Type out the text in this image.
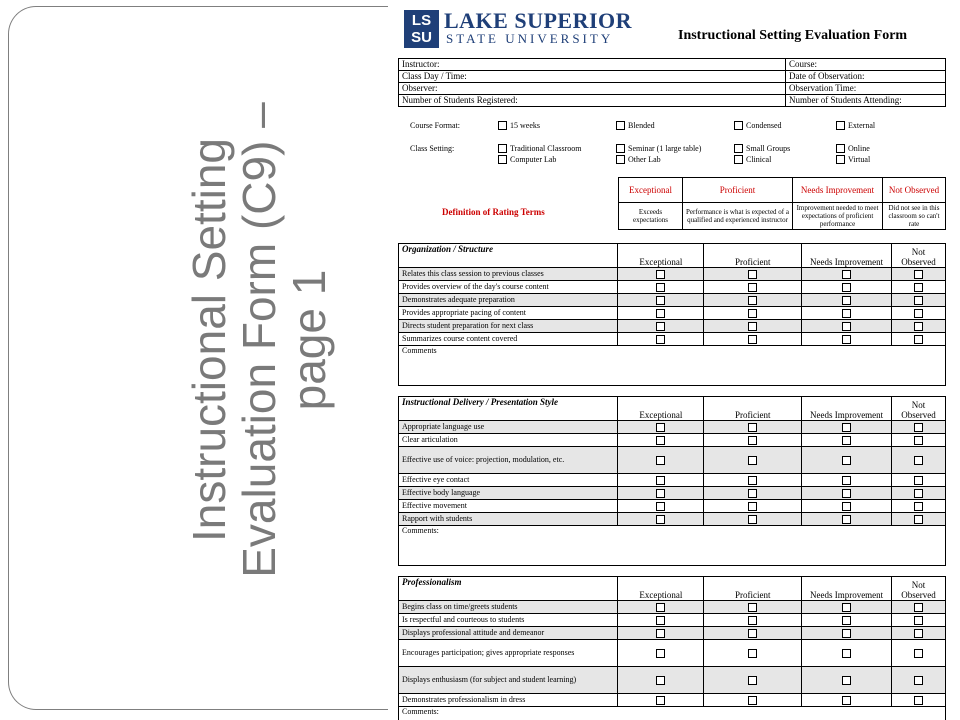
Instructional Setting Evaluation Form (C9) – page 1
LS SU
LAKE SUPERIOR
STATE UNIVERSITY	Instructional Setting Evaluation Form
Instructor:	Course:
Class Day / Time:	Date of Observation:
Observer:	Observation Time:
Number of Students Registered:	Number of Students Attending:
Course Format:	15 weeks	Blended	Condensed	External
Class Setting:	Traditional Classroom	Seminar (1 large table)	Small Groups	Online
Computer Lab	Other Lab	Clinical	Virtual
Definition of Rating Terms
Exceptional	Proficient	Needs Improvement	Not Observed
Exceeds expectations	Performance is what is expected of a qualified and experienced instructor	Improvement needed to meet expectations of proficient performance	Did not see in this classroom so can't rate
Organization / Structure	Exceptional	Proficient	Needs Improvement	Not Observed
Relates this class session to previous classes				
Provides overview of the day's course content				
Demonstrates adequate preparation				
Provides appropriate pacing of content				
Directs student preparation for next class				
Summarizes course content covered				
Comments				
Instructional Delivery / Presentation Style	Exceptional	Proficient	Needs Improvement	Not Observed
Appropriate language use				
Clear articulation				
Effective use of voice: projection, modulation, etc.				
Effective eye contact				
Effective body language				
Effective movement				
Rapport with students				
Comments:				
Professionalism	Exceptional	Proficient	Needs Improvement	Not Observed
Begins class on time/greets students				
Is respectful and courteous to students				
Displays professional attitude and demeanor				
Encourages participation; gives appropriate responses				
Displays enthusiasm (for subject and student learning)				
Demonstrates professionalism in dress				
Comments:				
